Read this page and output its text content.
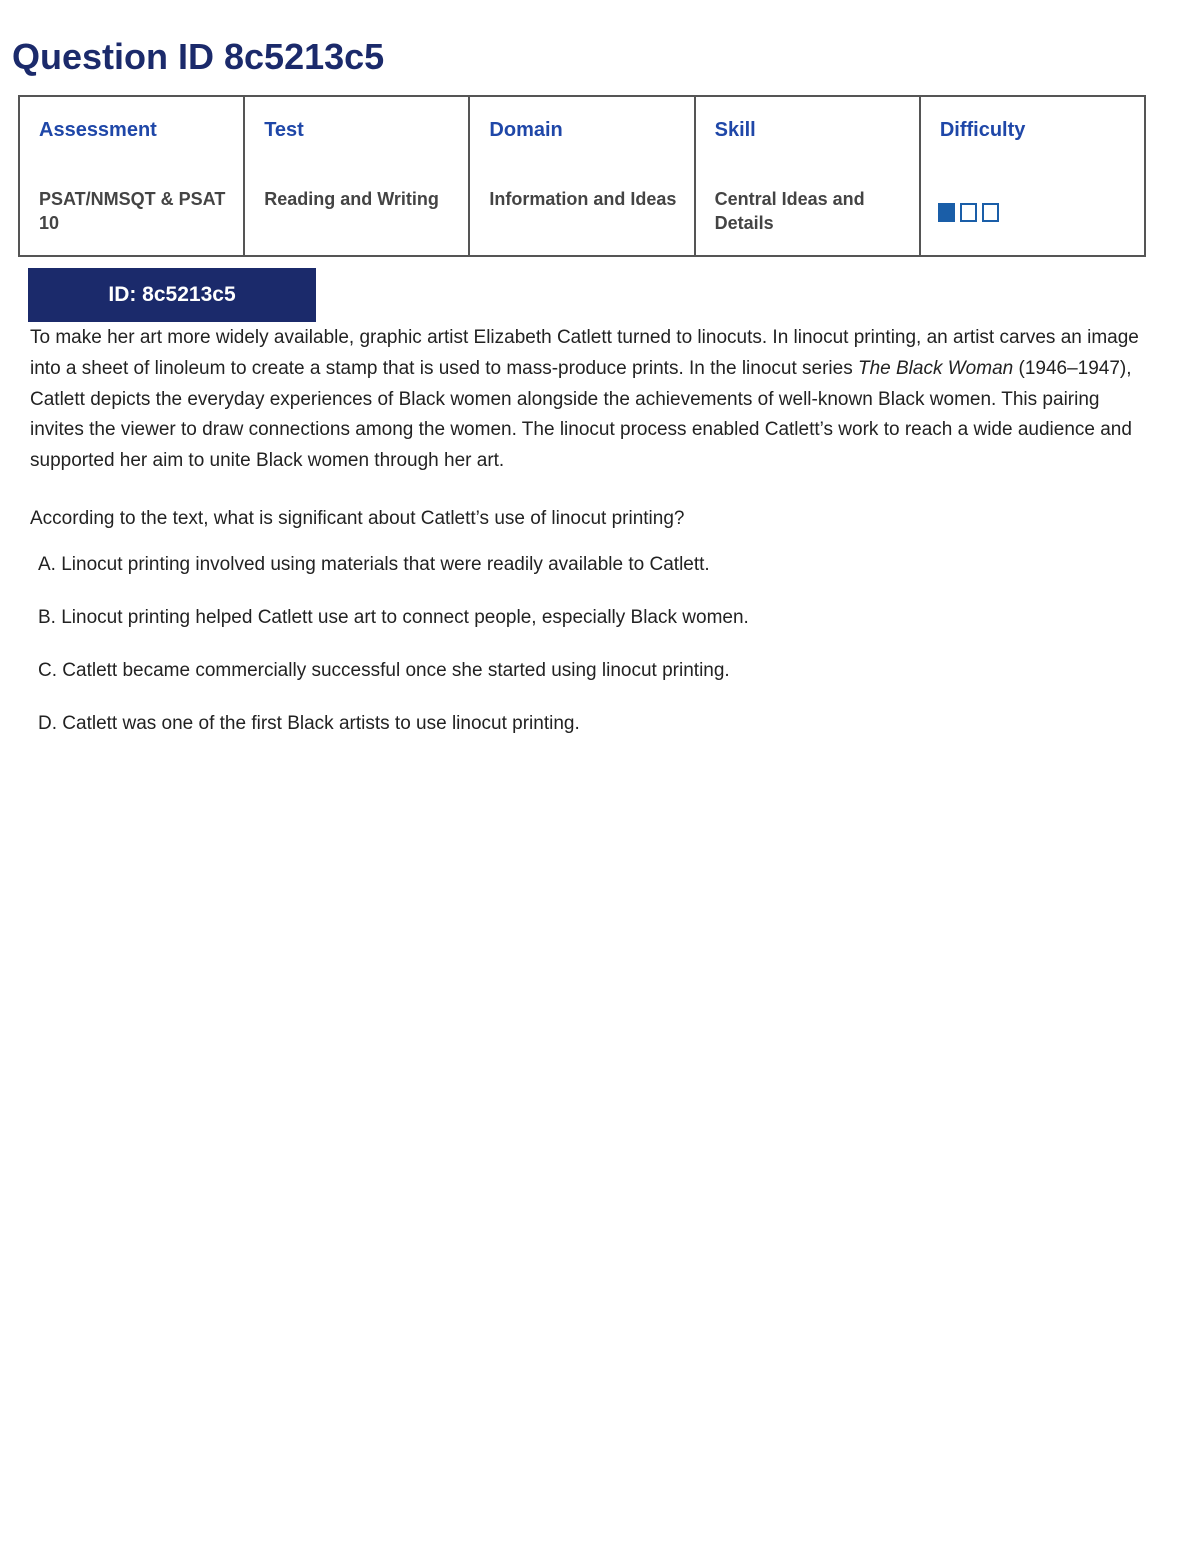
Question ID 8c5213c5
Assessment
PSAT/NMSQT & PSAT 10
Test
Reading and Writing
Domain
Information and Ideas
Skill
Central Ideas and Details
Difficulty
ID: 8c5213c5

To make her art more widely available, graphic artist Elizabeth Catlett turned to linocuts. In linocut printing, an artist carves an image into a sheet of linoleum to create a stamp that is used to mass-produce prints. In the linocut series The Black Woman (1946–1947), Catlett depicts the everyday experiences of Black women alongside the achievements of well-known Black women. This pairing invites the viewer to draw connections among the women. The linocut process enabled Catlett’s work to reach a wide audience and supported her aim to unite Black women through her art.

According to the text, what is significant about Catlett’s use of linocut printing?

A. Linocut printing involved using materials that were readily available to Catlett.
B. Linocut printing helped Catlett use art to connect people, especially Black women.
C. Catlett became commercially successful once she started using linocut printing.
D. Catlett was one of the first Black artists to use linocut printing.
